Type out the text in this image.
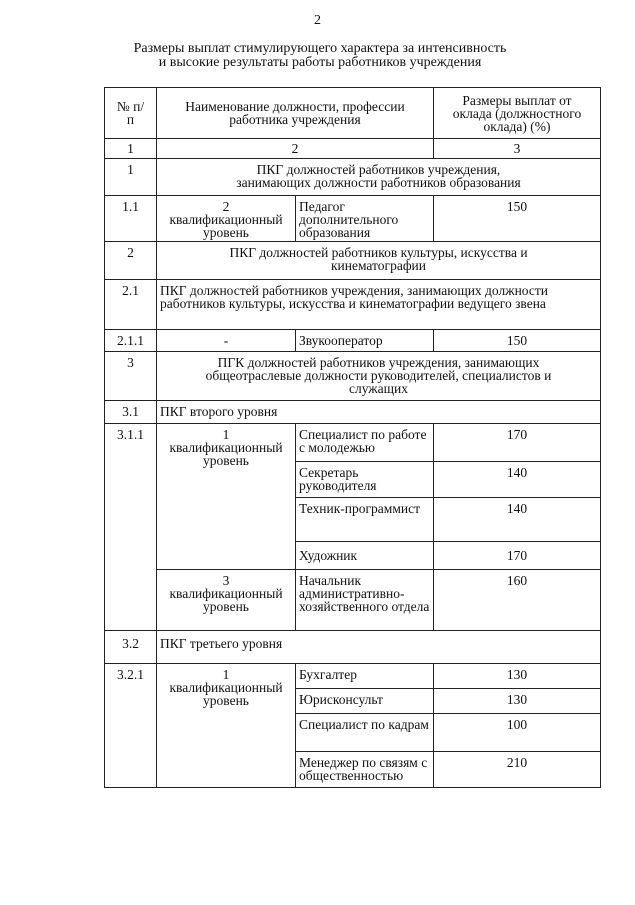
2
Размеры выплат стимулирующего характера за интенсивность
и высокие результаты работы работников учреждения
№ п/п	Наименование должности, профессии работника учреждения		Размеры выплат от оклада (должностного оклада) (%)
1	2		3
1	ПКГ должностей работников учреждения,
занимающих должности работников образования		

1.1	2 квалификационный уровень	Педагог дополнительного образования	150
2	ПКГ должностей работников культуры, искусства и кинематографии		
2.1	ПКГ должностей работников учреждения, занимающих должности работников культуры, искусства и кинематографии ведущего звена		
2.1.1	-	Звукооператор	150
3	ПГК должностей работников учреждения, занимающих общеотраслевые должности руководителей, специалистов и служащих		
3.1	ПКГ второго уровня		
3.1.1	1 квалификационный уровень	Специалист по работе с молодежью	170
		Секретарь руководителя	140
		Техник-программист	140
		Художник	170
	3 квалификационный уровень	Начальник административно-хозяйственного отдела	160
3.2	ПКГ третьего уровня		
3.2.1	1 квалификационный уровень	Бухгалтер	130
		Юрисконсульт	130
		Специалист по кадрам	100
		Менеджер по связям с общественностью	210
